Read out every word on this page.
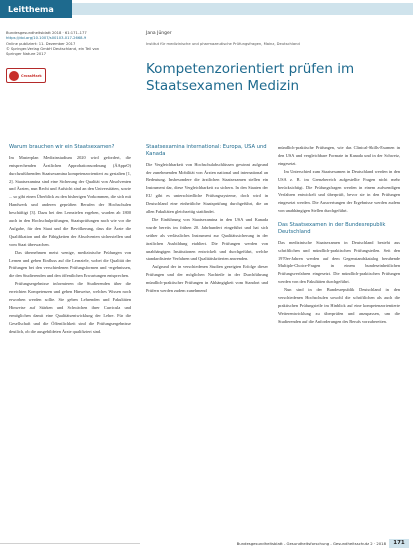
Leitthema
Bundesgesundheitsblatt 2018 · 61:171–177
https://doi.org/10.1007/s00103-017-2668-9
Online publiziert: 11. Dezember 2017
© Springer-Verlag GmbH Deutschland, ein Teil von Springer Nature 2017
CrossMark
Jana Jünger
Institut für medizinische und pharmazeutische Prüfungsfragen, Mainz, Deutschland
Kompetenzorientiert prüfen im Staatsexamen Medizin
Warum brauchen wir ein Staatsexamen?

Im Masterplan Medizinstudium 2020 wird gefordert, die entsprechenden Ärztlichen Approbationsordnung (ÄApprO) durchzuführenden Staatsexamina kompetenzorientiert zu gestalten [1, 2]. Staatsexamina sind eine Sicherung der Qualität von Absolventen und Ärzten, nun Recht und Aufsicht sind an den Universitäten, sowie ... so gibt einen Überblick zu den bisherigen Vorkommen, die sich mit Handwerk und anderen geprüften Berufen der Hochschulen beschäftigt [3]. Dazu bei den Lernzielen ergeben, wurden ab 1800 auch in den Hochschulprüfungen, Staatsprüfungen nach wie vor die Aufgabe, für den Staat und die Bevölkerung, dass die Ärzte die Qualifikation und die Fähigkeiten der Absolventen sicherstellen und vom Staat überwachen.

Das übernehmen meist wenige, medizinische Prüfungen von Lernen und geben Einfluss auf die Lernziele, wobei die Qualität der Prüfungen bei den verschiedenen Prüfungsformen und -ergebnissen, die den Studierenden und den öffentlichen Erwartungen entsprechen.

Prüfungsergebnisse informieren die Studierenden über die erreichten Kompetenzen und geben Hinweise, welches Wissen noch erworben werden sollte. Sie geben Lehrenden und Fakultäten Hinweise auf Stärken und Schwächen ihrer Curricula und ermöglichen damit eine Qualitätsentwicklung der Lehre. Für die Gesellschaft und die Öffentlichkeit sind die Prüfungsergebnisse deutlich, ob die ausgebildeten Ärzte qualifiziert sind.

Staatsexamina international: Europa, USA und Kanada

Die Vergleichbarkeit von Hochschulabschlüssen gewinnt aufgrund der zunehmenden Mobilität von Ärzten national und international an Bedeutung. Insbesondere die ärztlichen Staatsexamen stellen ein Instrument dar, diese Vergleichbarkeit zu sichern. In den Staaten der EU gibt es unterschiedliche Prüfungssysteme, doch wird in Deutschland eine einheitliche Staatsprüfung durchgeführt, die an allen Fakultäten gleichzeitig stattfindet.

Die Einführung von Staatsexamina in den USA und Kanada wurde bereits im frühen 20. Jahrhundert eingeführt und hat sich seither als verlässliches Instrument zur Qualitätssicherung in der ärztlichen Ausbildung etabliert. Die Prüfungen werden von unabhängigen Institutionen entwickelt und durchgeführt, welche standardisierte Verfahren und Qualitätskriterien anwenden.

Aufgrund der in verschiedenen Studien gezeigten Erfolge dieser Prüfungen und der möglichen Nachteile in der Durchführung mündlich-praktischer Prüfungen in Abhängigkeit vom Standort und Prüfern werden zudem zunehmend

mündlich-praktische Prüfungen, wie das Clinical-Skills-Examen in den USA und vergleichbare Formate in Kanada und in der Schweiz, eingesetzt.

Im Unterschied zum Staatsexamen in Deutschland werden in den USA z. B. im Grenzbereich aufgestellte Fragen nicht mehr berücksichtigt. Die Prüfungsfragen werden in einem aufwendigen Verfahren entwickelt und überprüft, bevor sie in den Prüfungen eingesetzt werden. Die Auswertungen der Ergebnisse werden zudem von unabhängigen Stellen durchgeführt.

Das Staatsexamen in der Bundesrepublik Deutschland

Das medizinische Staatsexamen in Deutschland besteht aus schriftlichen und mündlich-praktischen Prüfungsteilen. Seit den 1970er-Jahren werden auf dem Gegenstandskatalog beruhende Multiple-Choice-Fragen in einem bundeseinheitlichen Prüfungsverfahren eingesetzt. Die mündlich-praktischen Prüfungen werden von den Fakultäten durchgeführt.

Nun sind in der Bundesrepublik Deutschland in den verschiedenen Hochschulen sowohl die schriftlichen als auch die praktischen Prüfungsteile im Hinblick auf eine kompetenzorientierte Weiterentwicklung zu überprüfen und anzupassen, um die Studierenden auf die Anforderungen des Berufs vorzubereiten.

Bundesgesundheitsblatt - Gesundheitsforschung - Gesundheitsschutz 2 · 2018	171
